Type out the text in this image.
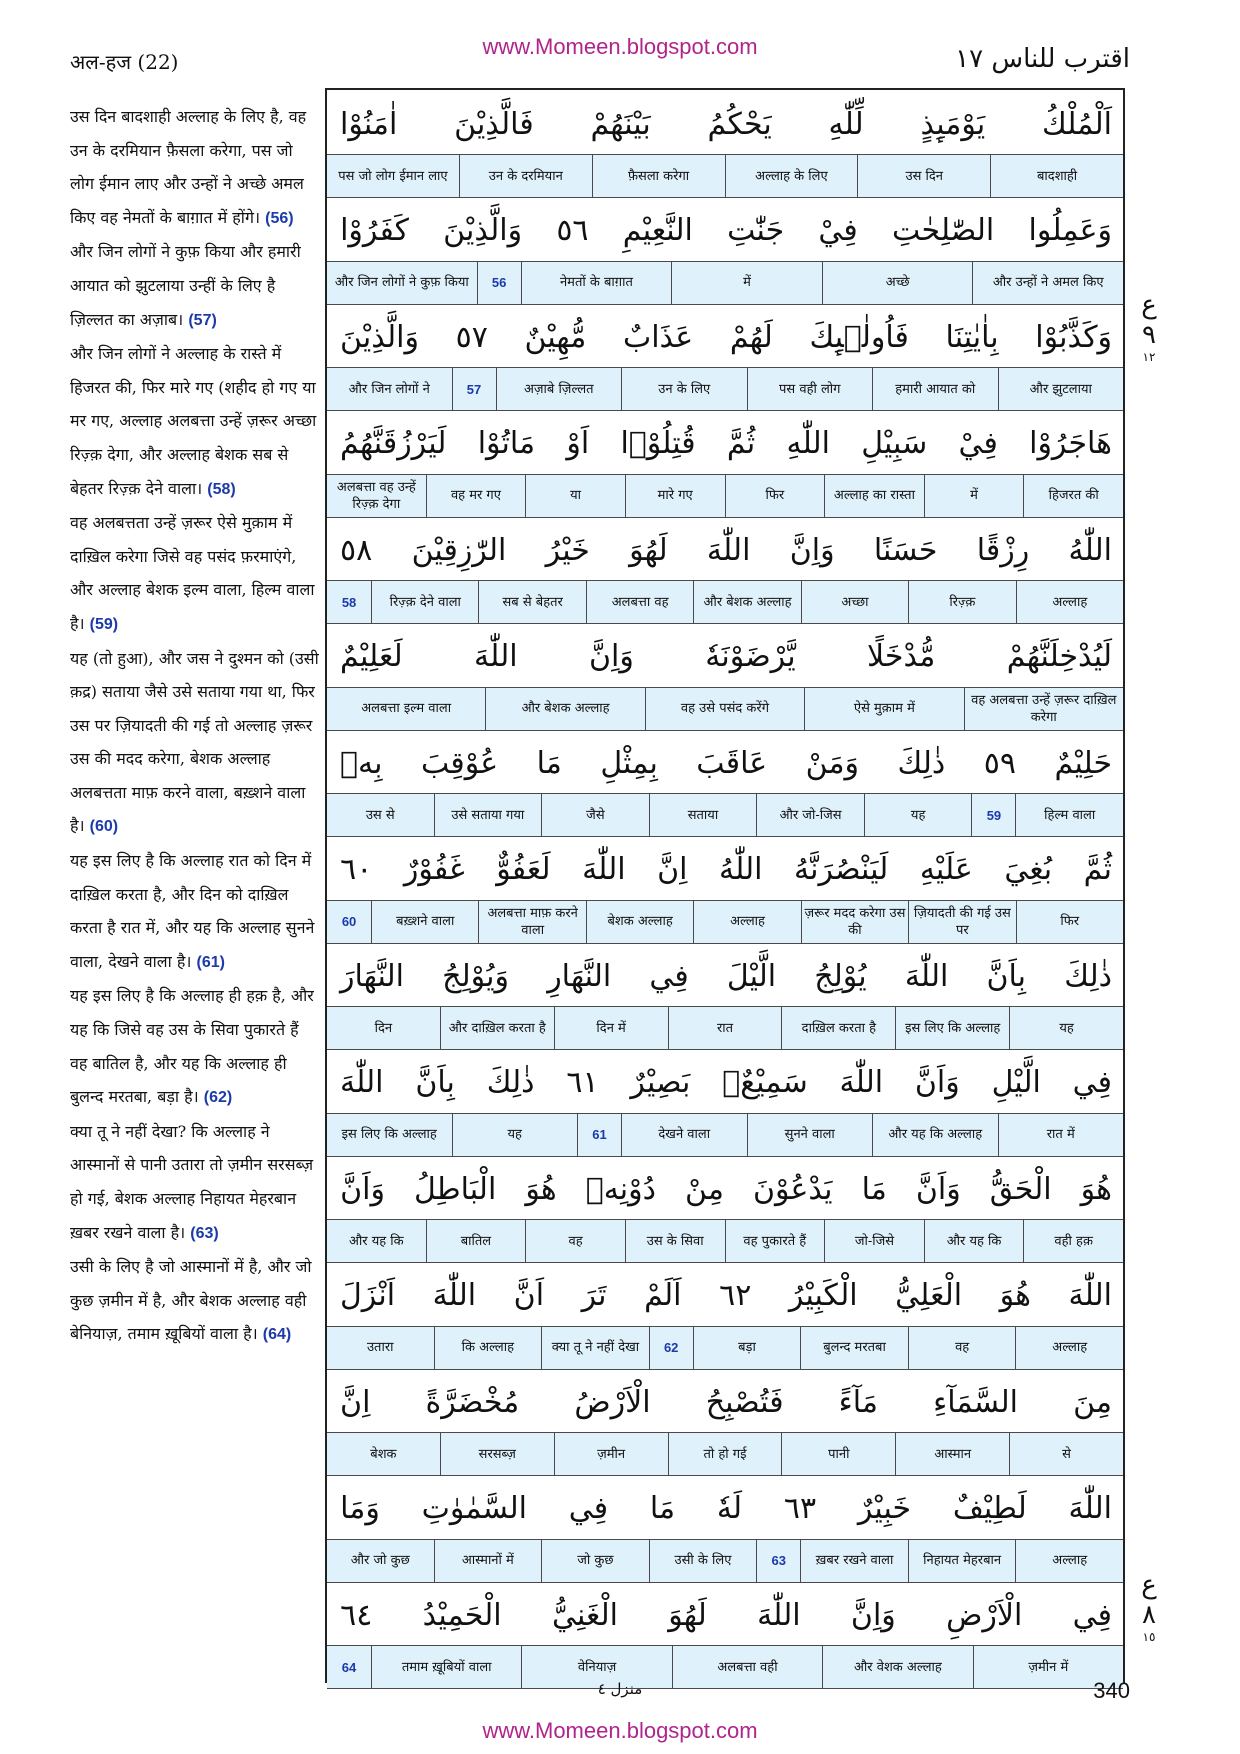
अल-हज (22)
www.Momeen.blogspot.com	اقترب للناس ١٧

उस दिन बादशाही अल्लाह के लिए है, वह उन के दरमियान फ़ैसला करेगा, पस जो लोग ईमान लाए और उन्हों ने अच्छे अमल किए वह नेमतों के बाग़ात में होंगे। (56)

और जिन लोगों ने कुफ़ किया और हमारी आयात को झुटलाया उन्हीं के लिए है ज़िल्लत का अज़ाब। (57)

और जिन लोगों ने अल्लाह के रास्ते में हिजरत की, फिर मारे गए (शहीद हो गए या मर गए, अल्लाह अलबत्ता उन्हें ज़रूर अच्छा रिज़्क़ देगा, और अल्लाह बेशक सब से बेहतर रिज़्क़ देने वाला। (58)

वह अलबत्तता उन्हें ज़रूर ऐसे मुक़ाम में दाख़िल करेगा जिसे वह पसंद फ़रमाएंगे, और अल्लाह बेशक इल्म वाला, हिल्म वाला है। (59)

यह (तो हुआ), और जस ने दुश्मन को (उसी क़द्र) सताया जैसे उसे सताया गया था, फिर उस पर ज़ियादती की गई तो अल्लाह ज़रूर उस की मदद करेगा, बेशक अल्लाह अलबत्तता माफ़ करने वाला, बख़्शने वाला है। (60)

यह इस लिए है कि अल्लाह रात को दिन में दाख़िल करता है, और दिन को दाख़िल करता है रात में, और यह कि अल्लाह सुनने वाला, देखने वाला है। (61)

यह इस लिए है कि अल्लाह ही हक़ है, और यह कि जिसे वह उस के सिवा पुकारते हैं वह बातिल है, और यह कि अल्लाह ही बुलन्द मरतबा, बड़ा है। (62)

क्या तू ने नहीं देखा? कि अल्लाह ने आस्मानों से पानी उतारा तो ज़मीन सरसब्ज़ हो गई, बेशक अल्लाह निहायत मेहरबान ख़बर रखने वाला है। (63)

उसी के लिए है जो आस्मानों में है, और जो कुछ ज़मीन में है, और बेशक अल्लाह वही बेनियाज़, तमाम ख़ूबियों वाला है। (64)

اَلْمُلْكُ
يَوْمَىِٕذٍ
لِّلّٰهِ
يَحْكُمُ
بَيْنَهُمْ
فَالَّذِيْنَ
اٰمَنُوْا
बादशाही
उस दिन
अल्लाह के लिए
फ़ैसला करेगा
उन के दरमियान
पस जो लोग ईमान लाए
وَعَمِلُوا
الصّٰلِحٰتِ
فِيْ
جَنّٰتِ
النَّعِيْمِ
٥٦
وَالَّذِيْنَ
كَفَرُوْا
और उन्हों ने अमल किए
अच्छे
में
नेमतों के बाग़ात
56
और जिन लोगों ने कुफ़ किया
وَكَذَّبُوْا
بِاٰيٰتِنَا
فَاُولٰۤىِٕكَ
لَهُمْ
عَذَابٌ
مُّهِيْنٌ
٥٧
وَالَّذِيْنَ
और झुटलाया
हमारी आयात को
पस वही लोग
उन के लिए
अज़ाबे ज़िल्लत
57
और जिन लोगों ने
هَاجَرُوْا
فِيْ
سَبِيْلِ
اللّٰهِ
ثُمَّ
قُتِلُوْۤا
اَوْ
مَاتُوْا
لَيَرْزُقَنَّهُمُ
हिजरत की
में
अल्लाह का रास्ता
फिर
मारे गए
या
वह मर गए
अलबत्ता वह उन्हें रिज़्क़ देगा
اللّٰهُ
رِزْقًا
حَسَنًا
وَاِنَّ
اللّٰهَ
لَهُوَ
خَيْرُ
الرّٰزِقِيْنَ
٥٨
अल्लाह
रिज़्क़
अच्छा
और बेशक अल्लाह
अलबत्ता वह
सब से बेहतर
रिज़्क़ देने वाला
58
لَيُدْخِلَنَّهُمْ
مُّدْخَلًا
يَّرْضَوْنَهٗ
وَاِنَّ
اللّٰهَ
لَعَلِيْمٌ
वह अलबत्ता उन्हें ज़रूर दाख़िल करेगा
ऐसे मुक़ाम में
वह उसे पसंद करेंगे
और बेशक अल्लाह
अलबत्ता इल्म वाला
حَلِيْمٌ
٥٩
ذٰلِكَ
وَمَنْ
عَاقَبَ
بِمِثْلِ
مَا
عُوْقِبَ
بِهٖ
हिल्म वाला
59
यह
और जो-जिस
सताया
जैसे
उसे सताया गया
उस से
ثُمَّ
بُغِيَ
عَلَيْهِ
لَيَنْصُرَنَّهُ
اللّٰهُ
اِنَّ
اللّٰهَ
لَعَفُوٌّ
غَفُوْرٌ
٦٠
फिर
ज़ियादती की गई उस पर
ज़रूर मदद करेगा उस की
अल्लाह
बेशक अल्लाह
अलबत्ता माफ़ करने वाला
बख़्शने वाला
60
ذٰلِكَ
بِاَنَّ
اللّٰهَ
يُوْلِجُ
الَّيْلَ
فِي
النَّهَارِ
وَيُوْلِجُ
النَّهَارَ
यह
इस लिए कि अल्लाह
दाख़िल करता है
रात
दिन में
और दाख़िल करता है
दिन
فِي
الَّيْلِ
وَاَنَّ
اللّٰهَ
سَمِيْعٌۢ
بَصِيْرٌ
٦١
ذٰلِكَ
بِاَنَّ
اللّٰهَ
रात में
और यह कि अल्लाह
सुनने वाला
देखने वाला
61
यह
इस लिए कि अल्लाह
هُوَ
الْحَقُّ
وَاَنَّ
مَا
يَدْعُوْنَ
مِنْ
دُوْنِهٖ
هُوَ
الْبَاطِلُ
وَاَنَّ
वही हक़
और यह कि
जो-जिसे
वह पुकारते हैं
उस के सिवा
वह
बातिल
और यह कि
اللّٰهَ
هُوَ
الْعَلِيُّ
الْكَبِيْرُ
٦٢
اَلَمْ
تَرَ
اَنَّ
اللّٰهَ
اَنْزَلَ
अल्लाह
वह
बुलन्द मरतबा
बड़ा
62
क्या तू ने नहीं देखा
कि अल्लाह
उतारा
مِنَ
السَّمَآءِ
مَآءً
فَتُصْبِحُ
الْاَرْضُ
مُخْضَرَّةً
اِنَّ
से
आस्मान
पानी
तो हो गई
ज़मीन
सरसब्ज़
बेशक
اللّٰهَ
لَطِيْفٌ
خَبِيْرٌ
٦٣
لَهٗ
مَا
فِي
السَّمٰوٰتِ
وَمَا
अल्लाह
निहायत मेहरबान
ख़बर रखने वाला
63
उसी के लिए
जो कुछ
आस्मानों में
और जो कुछ
فِي
الْاَرْضِ
وَاِنَّ
اللّٰهَ
لَهُوَ
الْغَنِيُّ
الْحَمِيْدُ
٦٤
ज़मीन में
और वेशक अल्लाह
अलबत्ता वही
वेनियाज़
तमाम ख़ूबियों वाला
64
ع ٩
١٢
ع ٨
١٥
منزل ٤	340
www.Momeen.blogspot.com
